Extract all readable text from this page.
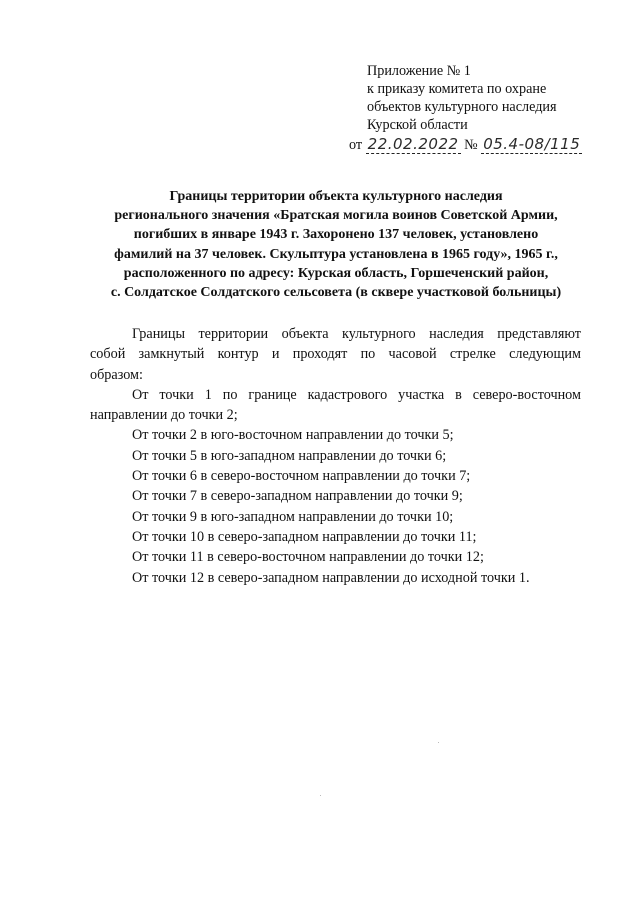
Приложение № 1
к приказу комитета по охране
объектов культурного наследия
Курской области
от 22.02.2022 № 05.4-08/115
Границы территории объекта культурного наследия
регионального значения «Братская могила воинов Советской Армии,
погибших в январе 1943 г. Захоронено 137 человек, установлено
фамилий на 37 человек. Скульптура установлена в 1965 году», 1965 г.,
расположенного по адресу: Курская область, Горшеченский район,
с. Солдатское Солдатского сельсовета (в сквере участковой больницы)
Границы территории объекта культурного наследия представляют
собой замкнутый контур и проходят по часовой стрелке следующим
образом:
От точки 1 по границе кадастрового участка в северо-восточном
направлении до точки 2;
От точки 2 в юго-восточном направлении до точки 5;
От точки 5 в юго-западном направлении до точки 6;
От точки 6 в северо-восточном направлении до точки 7;
От точки 7 в северо-западном направлении до точки 9;
От точки 9 в юго-западном направлении до точки 10;
От точки 10 в северо-западном направлении до точки 11;
От точки 11 в северо-восточном направлении до точки 12;
От точки 12 в северо-западном направлении до исходной точки 1.
